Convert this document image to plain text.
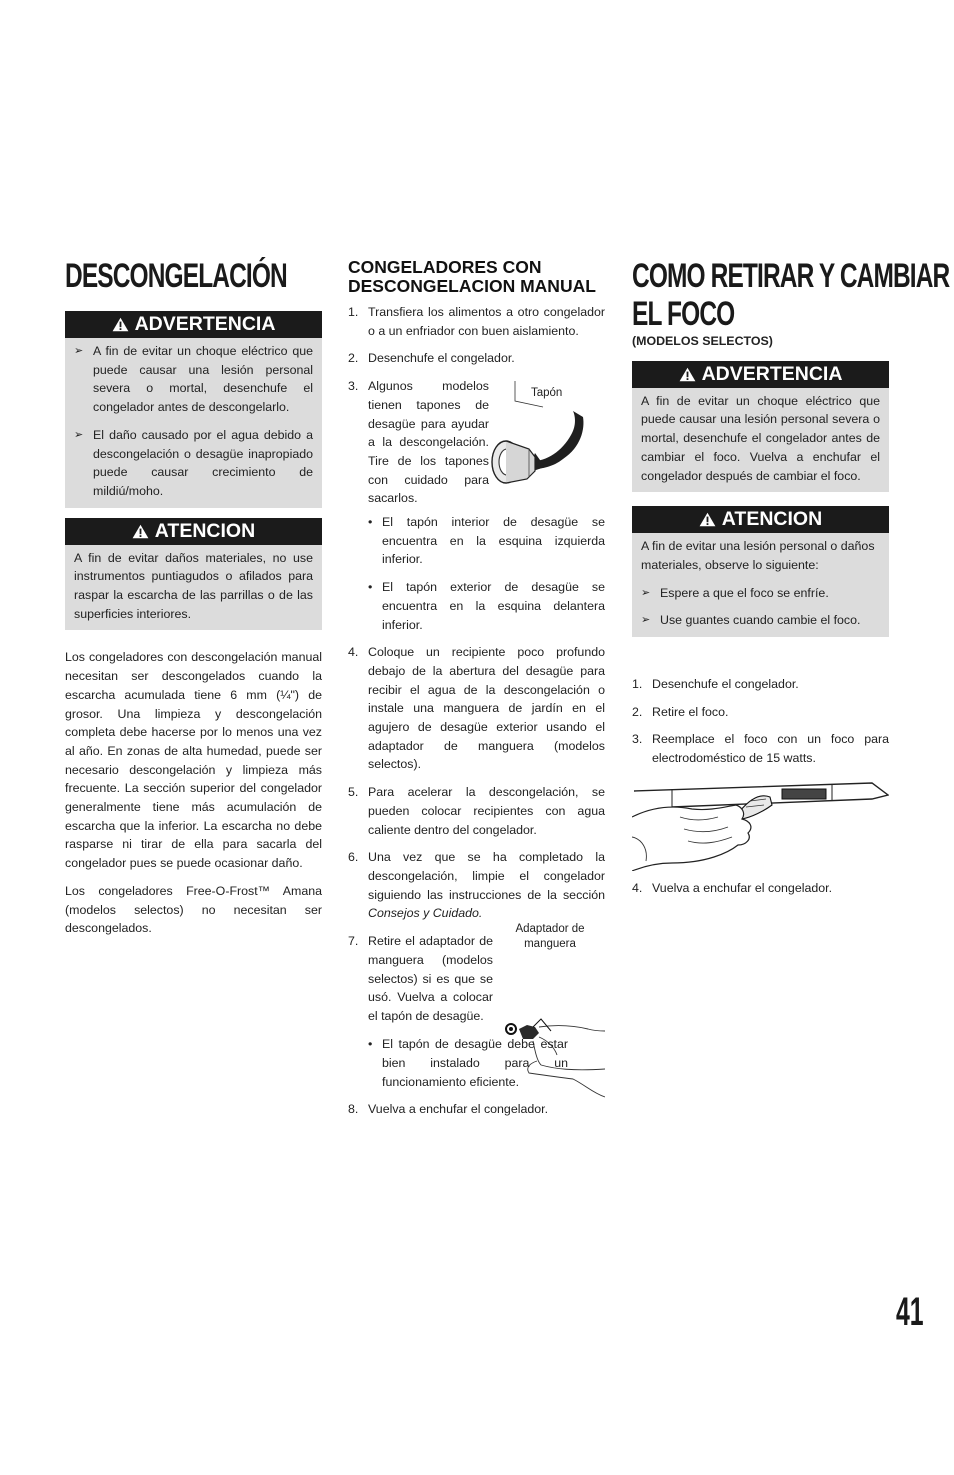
DESCONGELACIÓN
ADVERTENCIA

➢ A fin de evitar un choque eléctrico que puede causar una lesión personal severa o mortal, desenchufe el congelador antes de descongelarlo.

➢ El daño causado por el agua debido a descongelación o desagüe inapropiado puede causar crecimiento de mildiú/moho.

ATENCION

A fin de evitar daños materiales, no use instrumentos puntiagudos o afilados para raspar la escarcha de las parrillas o de las superficies interiores.

Los congeladores con descongelación manual necesitan ser descongelados cuando la escarcha acumulada tiene 6 mm (¼") de grosor. Una limpieza y descongelación completa debe hacerse por lo menos una vez al año. En zonas de alta humedad, puede ser necesario descongelación y limpieza más frecuente. La sección superior del congelador generalmente tiene más acumulación de escarcha que la inferior. La escarcha no debe rasparse ni tirar de ella para sacarla del congelador pues se puede ocasionar daño.

Los congeladores Free-O-Frost™ Amana (modelos selectos) no necesitan ser descongelados.

CONGELADORES CON DESCONGELACION MANUAL
1. Transfiera los alimentos a otro congelador o a un enfriador con buen aislamiento.
2. Desenchufe el congelador.
3. Algunos modelos tienen tapones de desagüe para ayudar a la descongelación. Tire de los tapones con cuidado para sacarlos.
Tapón
• El tapón interior de desagüe se encuentra en la esquina izquierda inferior.
• El tapón exterior de desagüe se encuentra en la esquina delantera inferior.
4. Coloque un recipiente poco profundo debajo de la abertura del desagüe para recibir el agua de la descongelación o instale una manguera de jardín en el agujero de desagüe exterior usando el adaptador de manguera (modelos selectos).
5. Para acelerar la descongelación, se pueden colocar recipientes con agua caliente dentro del congelador.
6. Una vez que se ha completado la descongelación, limpie el congelador siguiendo las instrucciones de la sección Consejos y Cuidado.
7. Retire el adaptador de manguera (modelos selectos) si es que se usó. Vuelva a colocar el tapón de desagüe.
Adaptador de manguera
• El tapón de desagüe debe estar bien instalado para un funcionamiento eficiente.
8. Vuelva a enchufar el congelador.
COMO RETIRAR Y CAMBIAR
EL FOCO

(MODELOS SELECTOS)

ADVERTENCIA

A fin de evitar un choque eléctrico que puede causar una lesión personal severa o mortal, desenchufe el congelador antes de cambiar el foco. Vuelva a enchufar el congelador después de cambiar el foco.

ATENCION

A fin de evitar una lesión personal o daños materiales, observe lo siguiente:

➢ Espere a que el foco se enfríe.

➢ Use guantes cuando cambie el foco.

1. Desenchufe el congelador.
2. Retire el foco.
3. Reemplace el foco con un foco para electrodoméstico de 15 watts.
4. Vuelva a enchufar el congelador.
41
